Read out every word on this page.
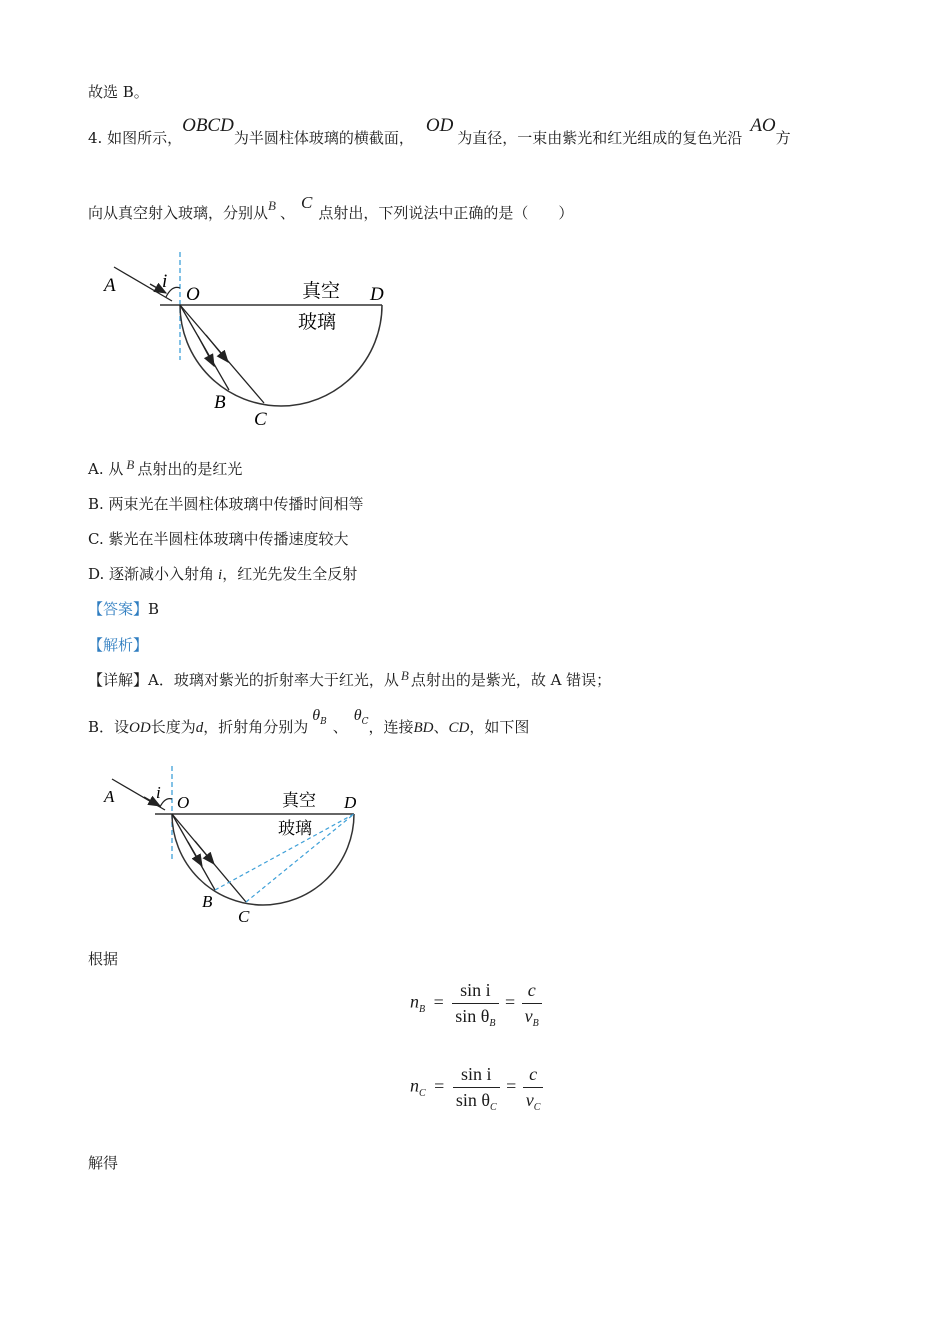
故选 B。
4. 如图所示，OBCD为半圆柱体玻璃的横截面，OD为直径，一束由紫光和红光组成的复色光沿AO方
向从真空射入玻璃，分别从B 、C点射出，下列说法中正确的是（　　）
A i
O	D
B
C
真空
玻璃
A. 从 B 点射出的是红光
B. 两束光在半圆柱体玻璃中传播时间相等
C. 紫光在半圆柱体玻璃中传播速度较大
D. 逐渐减小入射角 i，红光先发生全反射
【答案】B
【解析】
【详解】A．玻璃对紫光的折射率大于红光，从 B 点射出的是紫光，故 A 错误；
B．设OD长度为d，折射角分别为$\theta^B$ 、$\theta^C$，连接BD、CD，如下图
A i
O	D
B
C
真空
玻璃
根据
$n_B = \frac{\text{sin i}}{\sin \theta_B} = \frac{c}{v_B}$
$n_C = \frac{\text{sin i}}{\sin \theta_C} = \frac{c}{v_C}$
解得
